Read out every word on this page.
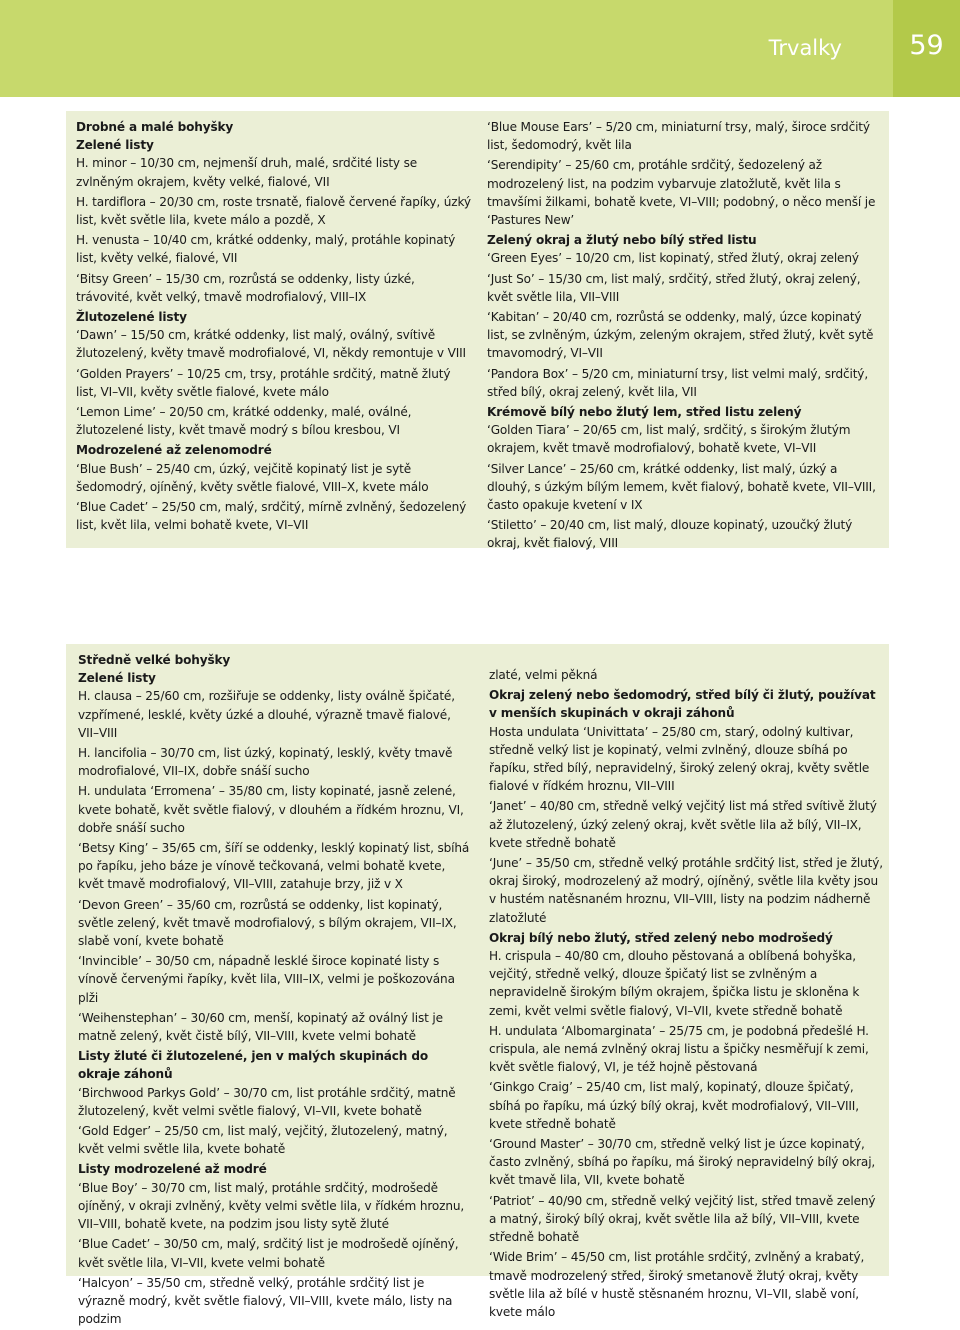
Trvalky	59

Drobné a malé bohyšky

Zelené listy

H. minor – 10/30 cm, nejmenší druh, malé, srdčité listy se zvlněným okrajem, květy velké, fialové, VII

H. tardiflora – 20/30 cm, roste trsnatě, fialově červené řapíky, úzký list, květ světle lila, kvete málo a pozdě, X

H. venusta – 10/40 cm, krátké oddenky, malý, protáhle kopinatý list, květy velké, fialové, VII

‘Bitsy Green’ – 15/30 cm, rozrůstá se oddenky, listy úzké, trávovité, květ velký, tmavě modrofialový, VIII–IX

Žlutozelené listy

‘Dawn’ – 15/50 cm, krátké oddenky, list malý, oválný, svítivě žlutozelený, květy tmavě modrofialové, VI, někdy remontuje v VIII

‘Golden Prayers’ – 10/25 cm, trsy, protáhle srdčitý, matně žlutý list, VI–VII, květy světle fialové, kvete málo

‘Lemon Lime’ – 20/50 cm, krátké oddenky, malé, oválné, žlutozelené listy, květ tmavě modrý s bílou kresbou, VI

Modrozelené až zelenomodré

‘Blue Bush’ – 25/40 cm, úzký, vejčitě kopinatý list je sytě šedomodrý, ojíněný, květy světle fialové, VIII–X, kvete málo

‘Blue Cadet’ – 25/50 cm, malý, srdčitý, mírně zvlněný, šedozelený list, květ lila, velmi bohatě kvete, VI–VII

‘Blue Mouse Ears’ – 5/20 cm, miniaturní trsy, malý, široce srdčitý list, šedomodrý, květ lila

‘Serendipity’ – 25/60 cm, protáhle srdčitý, šedozelený až modrozelený list, na podzim vybarvuje zlatožlutě, květ lila s tmavšími žilkami, bohatě kvete, VI–VIII; podobný, o něco menší je ‘Pastures New’

Zelený okraj a žlutý nebo bílý střed listu

‘Green Eyes’ – 10/20 cm, list kopinatý, střed žlutý, okraj zelený

‘Just So’ – 15/30 cm, list malý, srdčitý, střed žlutý, okraj zelený, květ světle lila, VII–VIII

‘Kabitan’ – 20/40 cm, rozrůstá se oddenky, malý, úzce kopinatý list, se zvlněným, úzkým, zeleným okrajem, střed žlutý, květ sytě tmavomodrý, VI–VII

‘Pandora Box’ – 5/20 cm, miniaturní trsy, list velmi malý, srdčitý, střed bílý, okraj zelený, květ lila, VII

Krémově bílý nebo žlutý lem, střed listu zelený

‘Golden Tiara’ – 20/65 cm, list malý, srdčitý, s širokým žlutým okrajem, květ tmavě modrofialový, bohatě kvete, VI–VII

‘Silver Lance’ – 25/60 cm, krátké oddenky, list malý, úzký a dlouhý, s úzkým bílým lemem, květ fialový, bohatě kvete, VII–VIII, často opakuje kvetení v IX

‘Stiletto’ – 20/40 cm, list malý, dlouze kopinatý, uzoučký žlutý okraj, květ fialový, VIII

Středně velké bohyšky

Zelené listy

H. clausa – 25/60 cm, rozšiřuje se oddenky, listy oválně špičaté, vzpřímené, lesklé, květy úzké a dlouhé, výrazně tmavě fialové, VII–VIII

H. lancifolia – 30/70 cm, list úzký, kopinatý, lesklý, květy tmavě modrofialové, VII–IX, dobře snáší sucho

H. undulata ‘Erromena’ – 35/80 cm, listy kopinaté, jasně zelené, kvete bohatě, květ světle fialový, v dlouhém a řídkém hroznu, VI, dobře snáší sucho

‘Betsy King’ – 35/65 cm, šíří se oddenky, lesklý kopinatý list, sbíhá po řapíku, jeho báze je vínově tečkovaná, velmi bohatě kvete, květ tmavě modrofialový, VII–VIII, zatahuje brzy, již v X

‘Devon Green’ – 35/60 cm, rozrůstá se oddenky, list kopinatý, světle zelený, květ tmavě modrofialový, s bílým okrajem, VII–IX, slabě voní, kvete bohatě

‘Invincible’ – 30/50 cm, nápadně lesklé široce kopinaté listy s vínově červenými řapíky, květ lila, VIII–IX, velmi je poškozována plži

‘Weihenstephan’ – 30/60 cm, menší, kopinatý až oválný list je matně zelený, květ čistě bílý, VII–VIII, kvete velmi bohatě

Listy žluté či žlutozelené, jen v malých skupinách do okraje záhonů

‘Birchwood Parkys Gold’ – 30/70 cm, list protáhle srdčitý, matně žlutozelený, květ velmi světle fialový, VI–VII, kvete bohatě

‘Gold Edger’ – 25/50 cm, list malý, vejčitý, žlutozelený, matný, květ velmi světle lila, kvete bohatě

Listy modrozelené až modré

‘Blue Boy’ – 30/70 cm, list malý, protáhle srdčitý, modrošedě ojíněný, v okraji zvlněný, květy velmi světle lila, v řídkém hroznu, VII–VIII, bohatě kvete, na podzim jsou listy sytě žluté

‘Blue Cadet’ – 30/50 cm, malý, srdčitý list je modrošedě ojíněný, květ světle lila, VI–VII, kvete velmi bohatě

‘Halcyon’ – 35/50 cm, středně velký, protáhle srdčitý list je výrazně modrý, květ světle fialový, VII–VIII, kvete málo, listy na podzim

zlaté, velmi pěkná

Okraj zelený nebo šedomodrý, střed bílý či žlutý, používat v menších skupinách v okraji záhonů

Hosta undulata ‘Univittata’ – 25/80 cm, starý, odolný kultivar, středně velký list je kopinatý, velmi zvlněný, dlouze sbíhá po řapíku, střed bílý, nepravidelný, široký zelený okraj, květy světle fialové v řídkém hroznu, VII–VIII

‘Janet’ – 40/80 cm, středně velký vejčitý list má střed svítivě žlutý až žlutozelený, úzký zelený okraj, květ světle lila až bílý, VII–IX, kvete středně bohatě

‘June’ – 35/50 cm, středně velký protáhle srdčitý list, střed je žlutý, okraj široký, modrozelený až modrý, ojíněný, světle lila květy jsou v hustém natěsnaném hroznu, VII–VIII, listy na podzim nádherně zlatožluté

Okraj bílý nebo žlutý, střed zelený nebo modrošedý

H. crispula – 40/80 cm, dlouho pěstovaná a oblíbená bohyška, vejčitý, středně velký, dlouze špičatý list se zvlněným a nepravidelně širokým bílým okrajem, špička listu je skloněna k zemi, květ velmi světle fialový, VI–VII, kvete středně bohatě

H. undulata ‘Albomarginata’ – 25/75 cm, je podobná předešlé H. crispula, ale nemá zvlněný okraj listu a špičky nesměřují k zemi, květ světle fialový, VI, je též hojně pěstovaná

‘Ginkgo Craig’ – 25/40 cm, list malý, kopinatý, dlouze špičatý, sbíhá po řapíku, má úzký bílý okraj, květ modrofialový, VII–VIII, kvete středně bohatě

‘Ground Master’ – 30/70 cm, středně velký list je úzce kopinatý, často zvlněný, sbíhá po řapíku, má široký nepravidelný bílý okraj, květ tmavě lila, VII, kvete bohatě

‘Patriot’ – 40/90 cm, středně velký vejčitý list, střed tmavě zelený a matný, široký bílý okraj, květ světle lila až bílý, VII–VIII, kvete středně bohatě

‘Wide Brim’ – 45/50 cm, list protáhle srdčitý, zvlněný a krabatý, tmavě modrozelený střed, široký smetanově žlutý okraj, květy světle lila až bílé v hustě stěsnaném hroznu, VI–VII, slabě voní, kvete málo
